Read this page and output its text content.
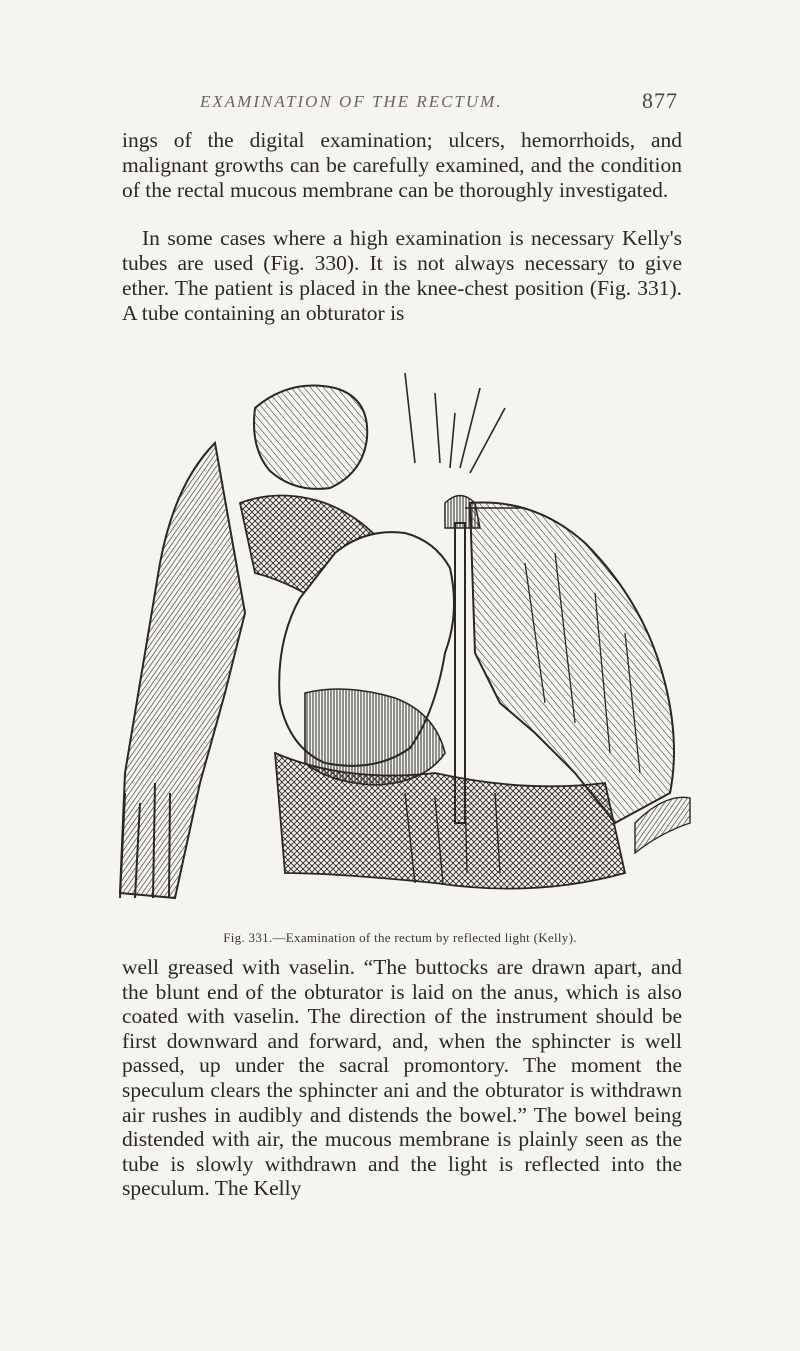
EXAMINATION OF THE RECTUM.	877

ings of the digital examination; ulcers, hemorrhoids, and malignant growths can be carefully examined, and the condition of the rectal mucous membrane can be thoroughly investigated.

In some cases where a high examination is necessary Kelly's tubes are used (Fig. 330). It is not always necessary to give ether. The patient is placed in the knee-chest position (Fig. 331). A tube containing an obturator is

Fig. 331.—Examination of the rectum by reflected light (Kelly).

well greased with vaselin. “The buttocks are drawn apart, and the blunt end of the obturator is laid on the anus, which is also coated with vaselin. The direction of the instrument should be first downward and forward, and, when the sphincter is well passed, up under the sacral promontory. The moment the speculum clears the sphincter ani and the obturator is withdrawn air rushes in audibly and distends the bowel.” The bowel being distended with air, the mucous membrane is plainly seen as the tube is slowly withdrawn and the light is reflected into the speculum. The Kelly
